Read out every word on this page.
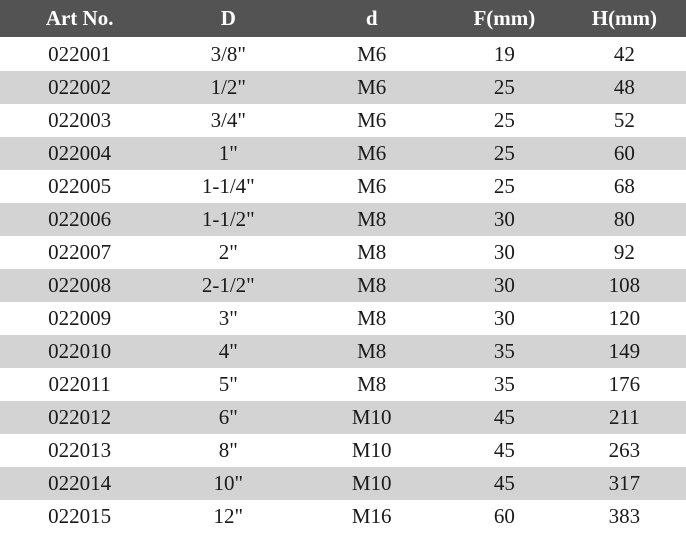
Art No.	D	d	F(mm)	H(mm)
022001	3/8"	M6	19	42
022002	1/2"	M6	25	48
022003	3/4"	M6	25	52
022004	1"	M6	25	60
022005	1-1/4"	M6	25	68
022006	1-1/2"	M8	30	80
022007	2"	M8	30	92
022008	2-1/2"	M8	30	108
022009	3"	M8	30	120
022010	4"	M8	35	149
022011	5"	M8	35	176
022012	6"	M10	45	211
022013	8"	M10	45	263
022014	10"	M10	45	317
022015	12"	M16	60	383
